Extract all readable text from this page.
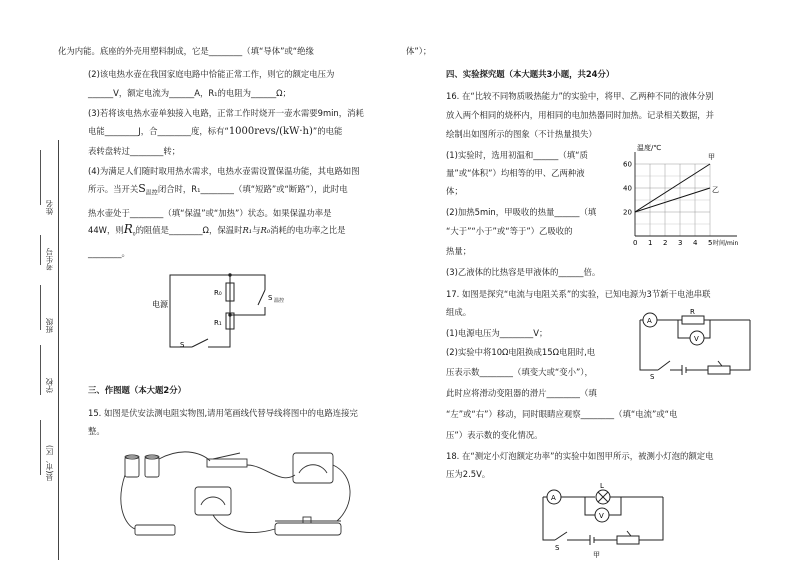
姓名
考生号
班级
学校
县(市、区)
化为内能。底座的外壳用塑料制成，它是________（填“导体”或“绝缘
(2)该电热水壶在我国家庭电路中恰能正常工作，则它的额定电压为
______V，额定电流为______A，R₁的电阻为______Ω；
(3)若将该电热水壶单独接入电路，正常工作时烧开一壶水需要9min，消耗
电能________J，合________度，标有“1000revs/(kW·h)”的电能
表转盘转过________转；
(4)为满足人们随时取用热水需求，电热水壶需设置保温功能，其电路如图
所示。当开关$S_{温控}$闭合时，R₁________（填“短路”或“断路”），此时电
热水壶处于________（填“保温”或“加热”）状态。如果保温功率是
44W，则$R_{_0}$的阻值是________Ω，保温时R₁与R₀消耗的电功率之比是
________。
电源
R₀
R₁
S 温控
S
三、作图题（本大题2分）
15. 如图是伏安法测电阻实物图,请用笔画线代替导线将图中的电路连接完
整。
体”）；
四、实验探究题（本大题共3小题，共24分）
16. 在“比较不同物质吸热能力”的实验中，将甲、乙两种不同的液体分别
放入两个相同的烧杯内，用相同的电加热器同时加热。记录相关数据，并
绘制出如图所示的图象（不计热量损失）
(1)实验时，选用初温和______（填“质
量”或“体积”）均相等的甲、乙两种液
体；
(2)加热5min，甲吸收的热量______（填
“大于”“小于”或“等于”）乙吸收的
热量；
(3)乙液体的比热容是甲液体的______倍。
0 1 2 3 4 5
20
40
60
温度/℃
时间/min
甲
乙
17. 如图是探究“电流与电阻关系”的实验，已知电源为3节新干电池串联
组成。
(1)电源电压为________V；
(2)实验中将10Ω电阻换成15Ω电阻时,电
压表示数________（填变大或“变小”），
此时应将滑动变阻器的滑片________（填
“左”或“右”）移动，同时眼睛应观察________（填“电流”或“电
压”）表示数的变化情况。
A
R
V
S
18. 在“测定小灯泡额定功率”的实验中如图甲所示，被测小灯泡的额定电
压为2.5V。
A
L
V
S
甲
